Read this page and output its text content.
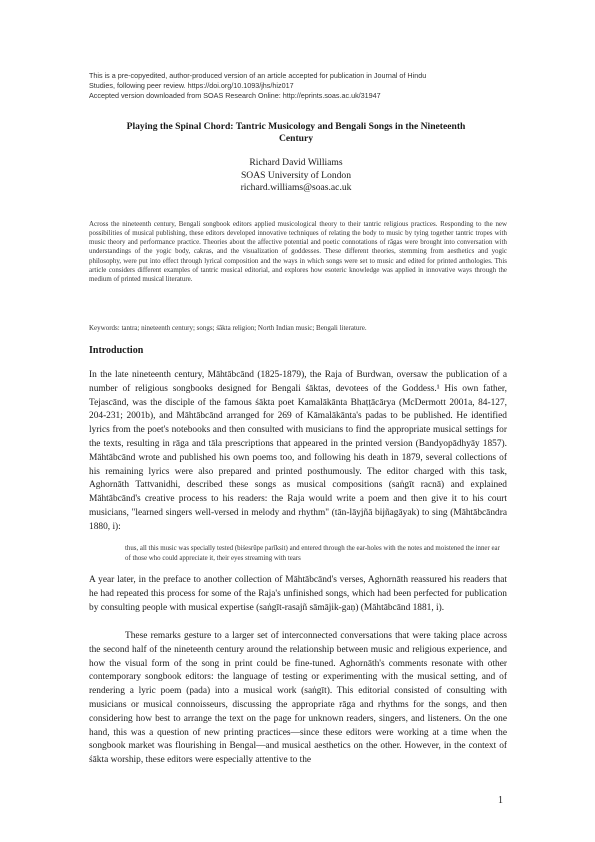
This is a pre-copyedited, author-produced version of an article accepted for publication in Journal of Hindu

Studies, following peer review. https://doi.org/10.1093/jhs/hiz017

Accepted version downloaded from SOAS Research Online: http://eprints.soas.ac.uk/31947

Playing the Spinal Chord: Tantric Musicology and Bengali Songs in the Nineteenth Century
Richard David Williams
SOAS University of London
richard.williams@soas.ac.uk
Across the nineteenth century, Bengali songbook editors applied musicological theory to their tantric religious practices. Responding to the new possibilities of musical publishing, these editors developed innovative techniques of relating the body to music by tying together tantric tropes with music theory and performance practice. Theories about the affective potential and poetic connotations of rāgas were brought into conversation with understandings of the yogic body, cakras, and the visualization of goddesses. These different theories, stemming from aesthetics and yogic philosophy, were put into effect through lyrical composition and the ways in which songs were set to music and edited for printed anthologies. This article considers different examples of tantric musical editorial, and explores how esoteric knowledge was applied in innovative ways through the medium of printed musical literature.
Keywords: tantra; nineteenth century; songs; śākta religion; North Indian music; Bengali literature.
Introduction
In the late nineteenth century, Māhtābcānd (1825-1879), the Raja of Burdwan, oversaw the publication of a number of religious songbooks designed for Bengali śāktas, devotees of the Goddess.¹ His own father, Tejascānd, was the disciple of the famous śākta poet Kamalākānta Bhaṭṭācārya (McDermott 2001a, 84-127, 204-231; 2001b), and Māhtābcānd arranged for 269 of Kāmalākānta's padas to be published. He identified lyrics from the poet's notebooks and then consulted with musicians to find the appropriate musical settings for the texts, resulting in rāga and tāla prescriptions that appeared in the printed version (Bandyopādhyāy 1857). Māhtābcānd wrote and published his own poems too, and following his death in 1879, several collections of his remaining lyrics were also prepared and printed posthumously. The editor charged with this task, Aghornāth Tattvanidhi, described these songs as musical compositions (saṅgīt racnā) and explained Māhtābcānd's creative process to his readers: the Raja would write a poem and then give it to his court musicians, "learned singers well-versed in melody and rhythm" (tān-lāyjñā bijñagāyak) to sing (Māhtābcāndra 1880, i):
thus, all this music was specially tested (biśesrūpe parīksit) and entered through the ear-holes with the notes and moistened the inner ear of those who could appreciate it, their eyes streaming with tears
A year later, in the preface to another collection of Māhtābcānd's verses, Aghornāth reassured his readers that he had repeated this process for some of the Raja's unfinished songs, which had been perfected for publication by consulting people with musical expertise (saṅgīt-rasajñ sāmājik-gaṇ) (Māhtābcānd 1881, i).
These remarks gesture to a larger set of interconnected conversations that were taking place across the second half of the nineteenth century around the relationship between music and religious experience, and how the visual form of the song in print could be fine-tuned. Aghornāth's comments resonate with other contemporary songbook editors: the language of testing or experimenting with the musical setting, and of rendering a lyric poem (pada) into a musical work (saṅgīt). This editorial consisted of consulting with musicians or musical connoisseurs, discussing the appropriate rāga and rhythms for the songs, and then considering how best to arrange the text on the page for unknown readers, singers, and listeners. On the one hand, this was a question of new printing practices—since these editors were working at a time when the songbook market was flourishing in Bengal—and musical aesthetics on the other. However, in the context of śākta worship, these editors were especially attentive to the
1
